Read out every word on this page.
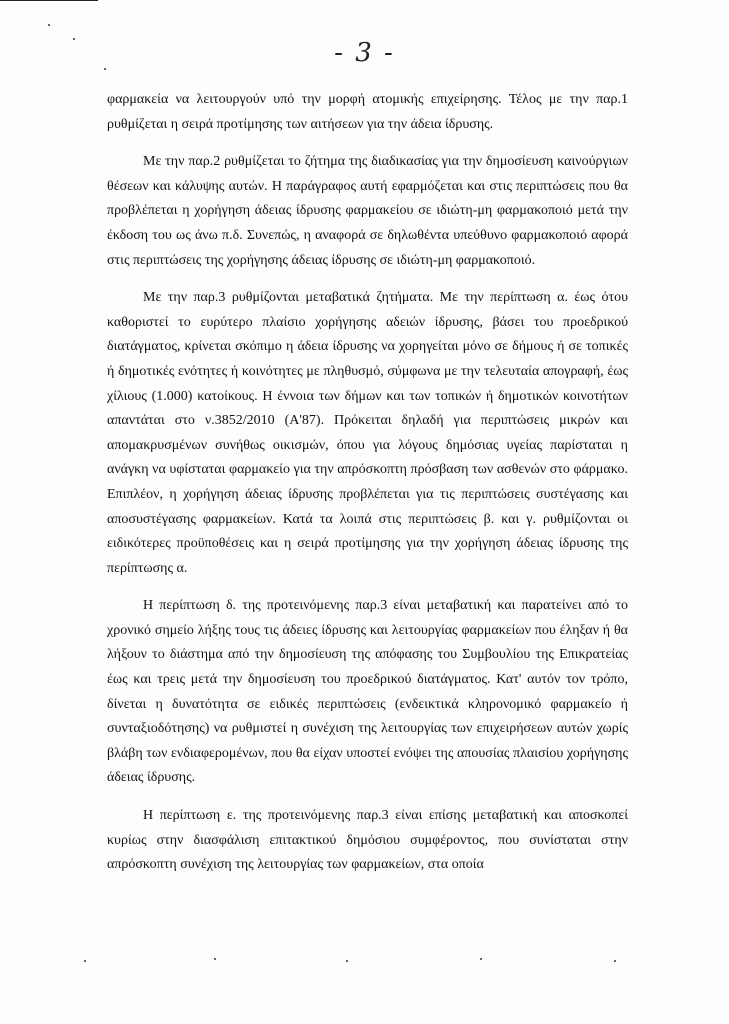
- 3 -

φαρμακεία να λειτουργούν υπό την μορφή ατομικής επιχείρησης. Τέλος με την παρ.1 ρυθμίζεται η σειρά προτίμησης των αιτήσεων για την άδεια ίδρυσης.

Με την παρ.2 ρυθμίζεται το ζήτημα της διαδικασίας για την δημοσίευση καινούργιων θέσεων και κάλυψης αυτών. Η παράγραφος αυτή εφαρμόζεται και στις περιπτώσεις που θα προβλέπεται η χορήγηση άδειας ίδρυσης φαρμακείου σε ιδιώτη-μη φαρμακοποιό μετά την έκδοση του ως άνω π.δ. Συνεπώς, η αναφορά σε δηλωθέντα υπεύθυνο φαρμακοποιό αφορά στις περιπτώσεις της χορήγησης άδειας ίδρυσης σε ιδιώτη-μη φαρμακοποιό.

Με την παρ.3 ρυθμίζονται μεταβατικά ζητήματα. Με την περίπτωση α. έως ότου καθοριστεί το ευρύτερο πλαίσιο χορήγησης αδειών ίδρυσης, βάσει του προεδρικού διατάγματος, κρίνεται σκόπιμο η άδεια ίδρυσης να χορηγείται μόνο σε δήμους ή σε τοπικές ή δημοτικές ενότητες ή κοινότητες με πληθυσμό, σύμφωνα με την τελευταία απογραφή, έως χίλιους (1.000) κατοίκους. Η έννοια των δήμων και των τοπικών ή δημοτικών κοινοτήτων απαντάται στο ν.3852/2010 (Α'87). Πρόκειται δηλαδή για περιπτώσεις μικρών και απομακρυσμένων συνήθως οικισμών, όπου για λόγους δημόσιας υγείας παρίσταται η ανάγκη να υφίσταται φαρμακείο για την απρόσκοπτη πρόσβαση των ασθενών στο φάρμακο. Επιπλέον, η χορήγηση άδειας ίδρυσης προβλέπεται για τις περιπτώσεις συστέγασης και αποσυστέγασης φαρμακείων. Κατά τα λοιπά στις περιπτώσεις β. και γ. ρυθμίζονται οι ειδικότερες προϋποθέσεις και η σειρά προτίμησης για την χορήγηση άδειας ίδρυσης της περίπτωσης α.

Η περίπτωση δ. της προτεινόμενης παρ.3 είναι μεταβατική και παρατείνει από το χρονικό σημείο λήξης τους τις άδειες ίδρυσης και λειτουργίας φαρμακείων που έληξαν ή θα λήξουν το διάστημα από την δημοσίευση της απόφασης του Συμβουλίου της Επικρατείας έως και τρεις μετά την δημοσίευση του προεδρικού διατάγματος. Κατ' αυτόν τον τρόπο, δίνεται η δυνατότητα σε ειδικές περιπτώσεις (ενδεικτικά κληρονομικό φαρμακείο ή συνταξιοδότησης) να ρυθμιστεί η συνέχιση της λειτουργίας των επιχειρήσεων αυτών χωρίς βλάβη των ενδιαφερομένων, που θα είχαν υποστεί ενόψει της απουσίας πλαισίου χορήγησης άδειας ίδρυσης.

Η περίπτωση ε. της προτεινόμενης παρ.3 είναι επίσης μεταβατική και αποσκοπεί κυρίως στην διασφάλιση επιτακτικού δημόσιου συμφέροντος, που συνίσταται στην απρόσκοπτη συνέχιση της λειτουργίας των φαρμακείων, στα οποία
